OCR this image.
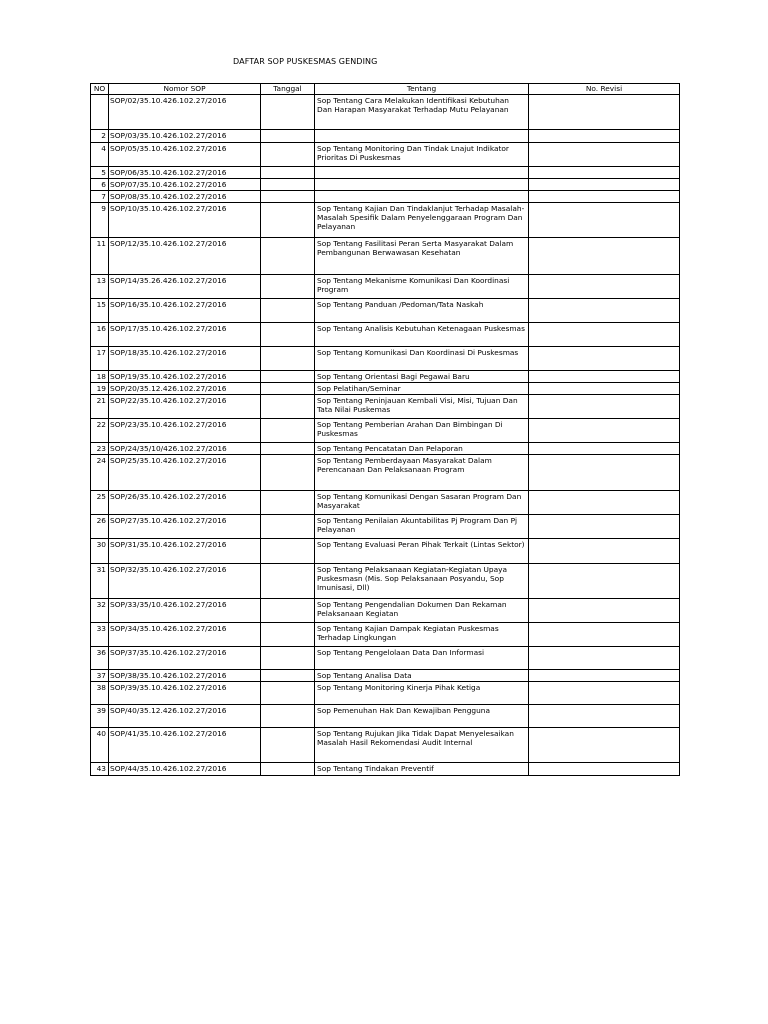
DAFTAR SOP PUSKESMAS GENDING
NO	Nomor SOP	Tanggal	Tentang	No. Revisi
	SOP/02/35.10.426.102.27/2016		Sop Tentang Cara Melakukan Identifikasi Kebutuhan Dan Harapan Masyarakat Terhadap Mutu Pelayanan	
2	SOP/03/35.10.426.102.27/2016			
4	SOP/05/35.10.426.102.27/2016		Sop Tentang Monitoring Dan Tindak Lnajut Indikator Prioritas Di Puskesmas	
5	SOP/06/35.10.426.102.27/2016			
6	SOP/07/35.10.426.102.27/2016			
7	SOP/08/35.10.426.102.27/2016			
9	SOP/10/35.10.426.102.27/2016		Sop Tentang Kajian Dan Tindaklanjut Terhadap Masalah-Masalah Spesifik Dalam Penyelenggaraan Program Dan Pelayanan	
11	SOP/12/35.10.426.102.27/2016		Sop Tentang Fasilitasi Peran Serta Masyarakat Dalam Pembangunan Berwawasan Kesehatan	
13	SOP/14/35.26.426.102.27/2016		Sop Tentang Mekanisme Komunikasi Dan Koordinasi Program	
15	SOP/16/35.10.426.102.27/2016		Sop Tentang Panduan /Pedoman/Tata Naskah	
16	SOP/17/35.10.426.102.27/2016		Sop Tentang Analisis Kebutuhan Ketenagaan Puskesmas	
17	SOP/18/35.10.426.102.27/2016		Sop Tentang Komunikasi Dan Koordinasi Di Puskesmas	
18	SOP/19/35.10.426.102.27/2016		Sop Tentang Orientasi Bagi Pegawai Baru	
19	SOP/20/35.12.426.102.27/2016		Sop Pelatihan/Seminar	
21	SOP/22/35.10.426.102.27/2016		Sop Tentang Peninjauan Kembali Visi, Misi, Tujuan Dan Tata Nilai Puskemas	
22	SOP/23/35.10.426.102.27/2016		Sop Tentang Pemberian Arahan Dan Bimbingan Di Puskesmas	
23	SOP/24/35/10/426.102.27/2016		Sop Tentang Pencatatan Dan Pelaporan	
24	SOP/25/35.10.426.102.27/2016		Sop Tentang Pemberdayaan Masyarakat Dalam Perencanaan Dan Pelaksanaan Program	
25	SOP/26/35.10.426.102.27/2016		Sop Tentang Komunikasi Dengan Sasaran Program Dan Masyarakat	
26	SOP/27/35.10.426.102.27/2016		Sop Tentang Penilaian Akuntabilitas Pj Program Dan Pj Pelayanan	
30	SOP/31/35.10.426.102.27/2016		Sop Tentang Evaluasi Peran Pihak Terkait (Lintas Sektor)	
31	SOP/32/35.10.426.102.27/2016		Sop Tentang Pelaksanaan Kegiatan-Kegiatan Upaya Puskesmasn (Mis. Sop Pelaksanaan Posyandu, Sop Imunisasi, Dll)	
32	SOP/33/35/10.426.102.27/2016		Sop Tentang Pengendalian Dokumen Dan Rekaman Pelaksanaan Kegiatan	
33	SOP/34/35.10.426.102.27/2016		Sop Tentang Kajian Dampak Kegiatan Puskesmas Terhadap Lingkungan	
36	SOP/37/35.10.426.102.27/2016		Sop Tentang Pengelolaan Data Dan Informasi	
37	SOP/38/35.10.426.102.27/2016		Sop Tentang Analisa Data	
38	SOP/39/35.10.426.102.27/2016		Sop Tentang Monitoring Kinerja Pihak Ketiga	
39	SOP/40/35.12.426.102.27/2016		Sop Pemenuhan Hak Dan Kewajiban Pengguna	
40	SOP/41/35.10.426.102.27/2016		Sop Tentang Rujukan Jika Tidak Dapat Menyelesaikan Masalah Hasil Rekomendasi Audit Internal	
43	SOP/44/35.10.426.102.27/2016		Sop Tentang Tindakan Preventif	
